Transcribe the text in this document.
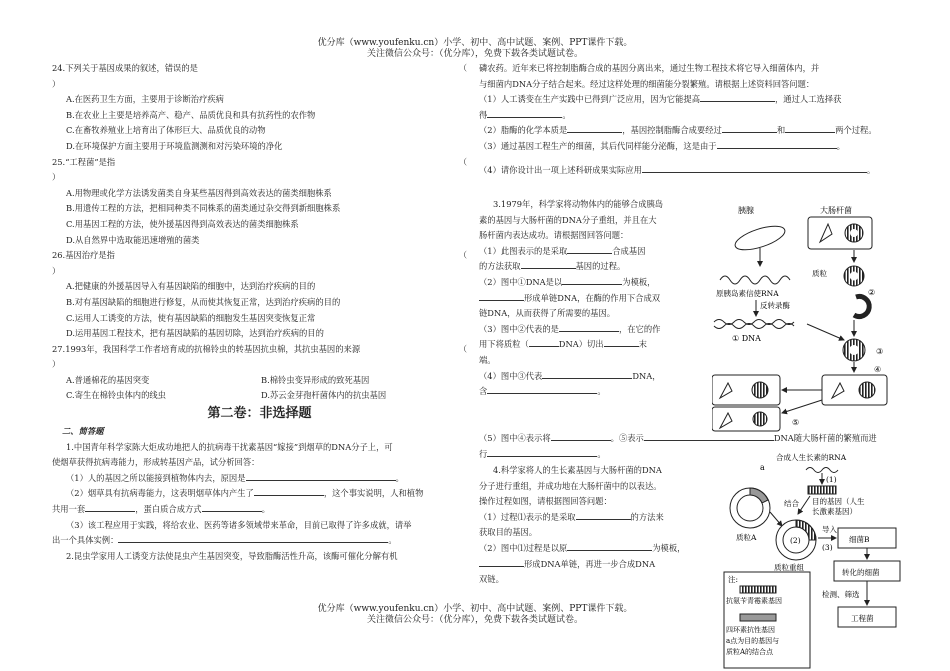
优分库（www.youfenku.cn）小学、初中、高中试题、案例、PPT课件下载。
关注微信公众号：（优分库），免费下载各类试题试卷。

24.下列关于基因成果的叙述，错误的是	（

）

A.在医药卫生方面，主要用于诊断治疗疾病

B.在农业上主要是培养高产、稳产、品质优良和具有抗药性的农作物

C.在畜牧养殖业上培育出了体形巨大、品质优良的动物

D.在环境保护方面主要用于环境监测测和对污染环境的净化

25.“工程菌”是指	（

）

A.用物理或化学方法诱发菌类自身某些基因得到高效表达的菌类细胞株系

B.用遗传工程的方法，把相同种类不同株系的菌类通过杂交得到新细胞株系

C.用基因工程的方法，使外援基因得到高效表达的菌类细胞株系

D.从自然界中选取能迅速增殖的菌类

26.基因治疗是指	（

）

A.把健康的外援基因导入有基因缺陷的细胞中，达到治疗疾病的目的

B.对有基因缺陷的细胞进行修复，从而使其恢复正常，达到治疗疾病的目的

C.运用人工诱变的方法，使有基因缺陷的细胞发生基因突变恢复正常

D.运用基因工程技术，把有基因缺陷的基因切除，达到治疗疾病的目的

27.1993年，我国科学工作者培育成的抗棉铃虫的转基因抗虫棉，其抗虫基因的来源	（

）

A.普通棉花的基因突变	B.棉铃虫变异形成的致死基因

C.寄生在棉铃虫体内的线虫	D.苏云金芽孢杆菌体内的抗虫基因

第二卷：非选择题

二、简答题

1.中国青年科学家陈大炬成功地把人的抗病毒干扰素基因“嫁接”到烟草的DNA分子上，可

使烟草获得抗病毒能力，形成转基因产品，试分析回答：

（1）人的基因之所以能接到植物体内去，原因是	。

（2）烟草具有抗病毒能力，这表明烟草体内产生了	，这个事实说明，人和植物

共用一套	，蛋白质合成方式	。

（3）该工程应用于实践，将给农业、医药等诸多领域带来革命，目前已取得了许多成就，请举

出一个具体实例：	。

2.昆虫学家用人工诱变方法使昆虫产生基因突变，导致脂酶活性升高，该酶可催化分解有机

磷农药。近年来已将控制脂酶合成的基因分离出来，通过生物工程技术将它导入细菌体内，并

与细菌内DNA分子结合起来。经过这样处理的细菌能分裂繁殖。请根据上述资料回答问题：

（1）人工诱变在生产实践中已得到广泛应用，因为它能提高	，通过人工选择获

得	。

（2）脂酶的化学本质是	，基因控制脂酶合成要经过	和	两个过程。

（3）通过基因工程生产的细菌，其后代同样能分泌酶，这是由于	。

（4）请你设计出一项上述科研成果实际应用	。

3.1979年，科学家将动物体内的能够合成胰岛

素的基因与大肠杆菌的DNA分子重组，并且在大

肠杆菌内表达成功。请根据图回答问题：

（1）此图表示的是采取	合成基因

的方法获取	基因的过程。

（2）图中①DNA是以	为模板，

形成单链DNA，在酶的作用下合成双

链DNA，从而获得了所需要的基因。

（3）图中②代表的是	，在它的作

用下将质粒（	DNA）切出	末

端。

（4）图中③代表	DNA，

含	。

（5）图中④表示将	。⑤表示	DNA随大肠杆菌的繁殖而进

行	。

4.科学家将人的生长素基因与大肠杆菌的DNA

分子进行重组，并成功地在大肠杆菌中的以表达。

操作过程如图，请根据图回答问题：

（1）过程⑴表示的是采取	的方法来

获取目的基因。

（2）图中⑴过程是以原	为模板，

形成DNA单链，再进一步合成DNA

双链。

胰腺
原胰岛素信使RNA
反转录酶
① DNA
大肠杆菌
质粒
②
③
④
⑤
合成人生长素的RNA
(1)
目的基因（人生
长激素基因）
a
质粒A
结合
(2)
质粒重组
导入
(3)
细菌B
转化的细菌
检测、筛选
工程菌
注:
抗氨苄青霉素基因
四环素抗性基因
a点为目的基因与
质粒A的结合点
优分库（www.youfenku.cn）小学、初中、高中试题、案例、PPT课件下载。
关注微信公众号：（优分库），免费下载各类试题试卷。
